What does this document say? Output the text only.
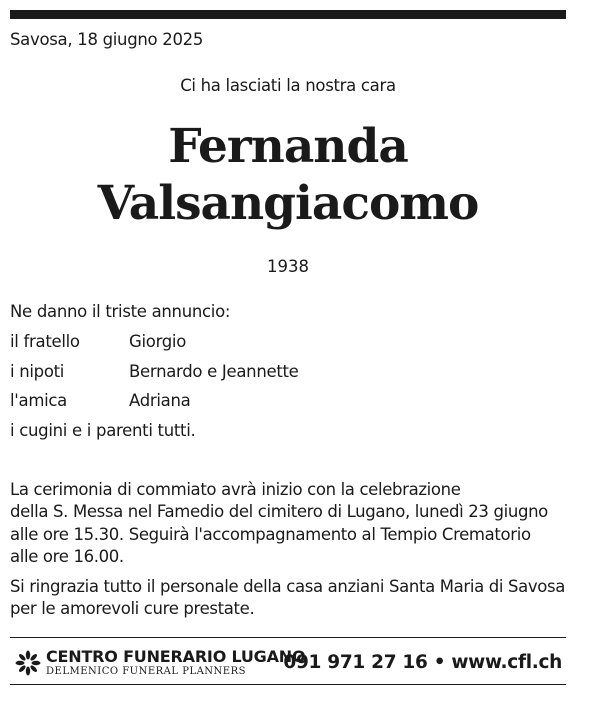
Savosa, 18 giugno 2025
Ci ha lasciati la nostra cara
Fernanda
Valsangiacomo
1938
Ne danno il triste annuncio:
il fratello	Giorgio
i nipoti	Bernardo e Jeannette
l'amica	Adriana
i cugini e i parenti tutti.
La cerimonia di commiato avrà inizio con la celebrazione
della S. Messa nel Famedio del cimitero di Lugano, lunedì 23 giugno
alle ore 15.30. Seguirà l'accompagnamento al Tempio Crematorio
alle ore 16.00.
Si ringrazia tutto il personale della casa anziani Santa Maria di Savosa
per le amorevoli cure prestate.
CENTRO FUNERARIO LUGANO
DELMENICO FUNERAL PLANNERS 091 971 27 16 • www.cfl.ch
